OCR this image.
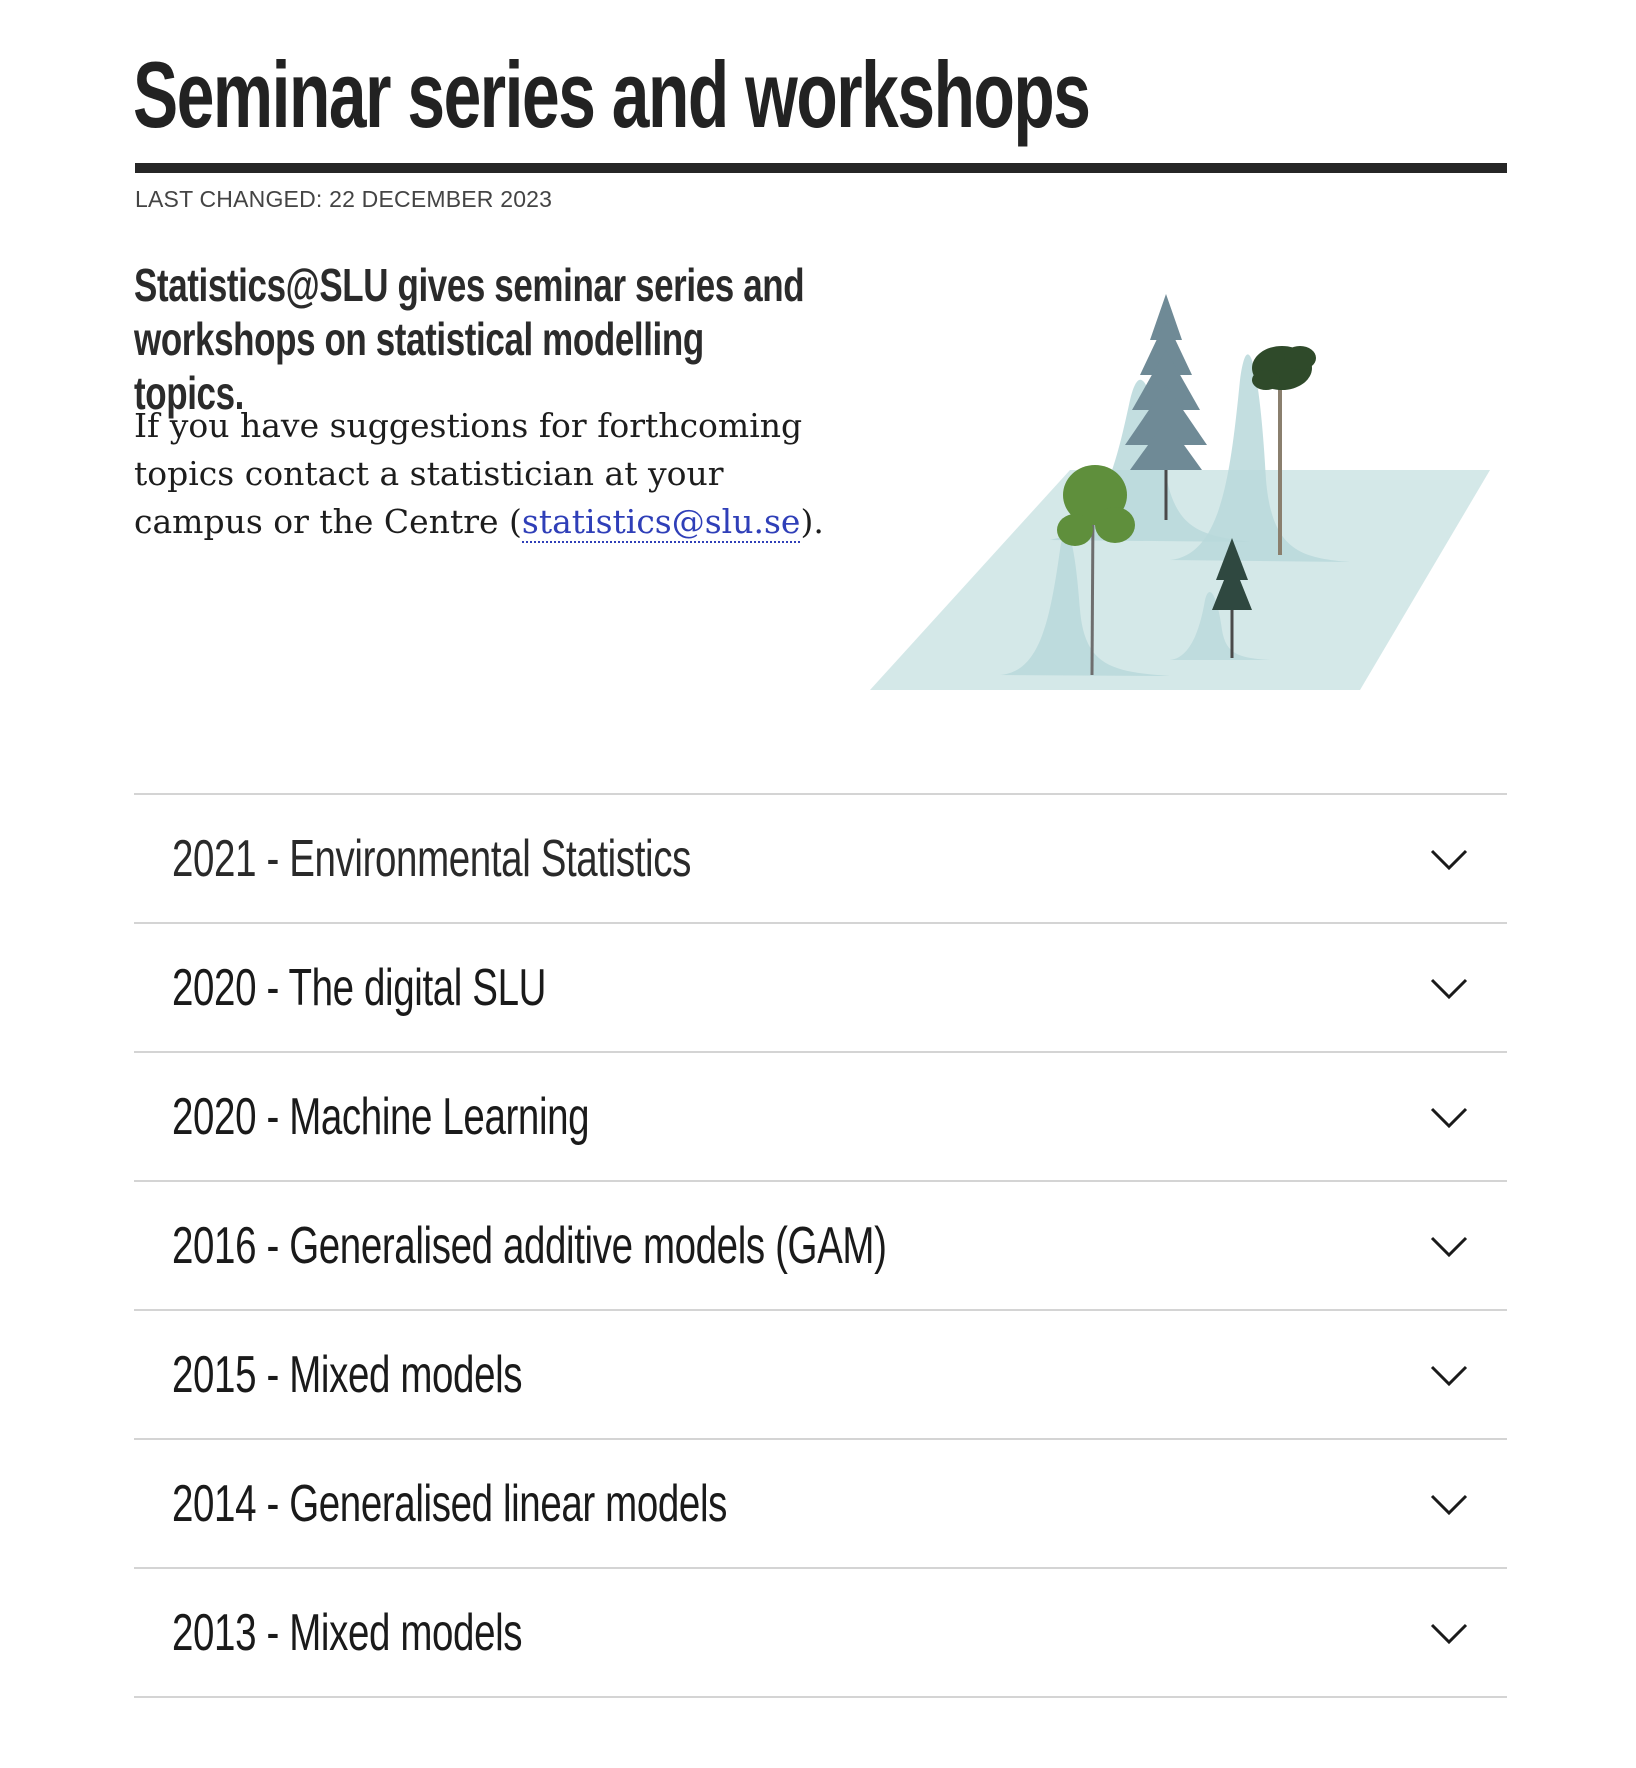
Seminar series and workshops
LAST CHANGED: 22 DECEMBER 2023

Statistics@SLU gives seminar series and workshops on statistical modelling topics.

If you have suggestions for forthcoming topics contact a statistician at your campus or the Centre (statistics@slu.se).

2021 - Environmental Statistics
2020 - The digital SLU
2020 - Machine Learning
2016 - Generalised additive models (GAM)
2015 - Mixed models
2014 - Generalised linear models
2013 - Mixed models
